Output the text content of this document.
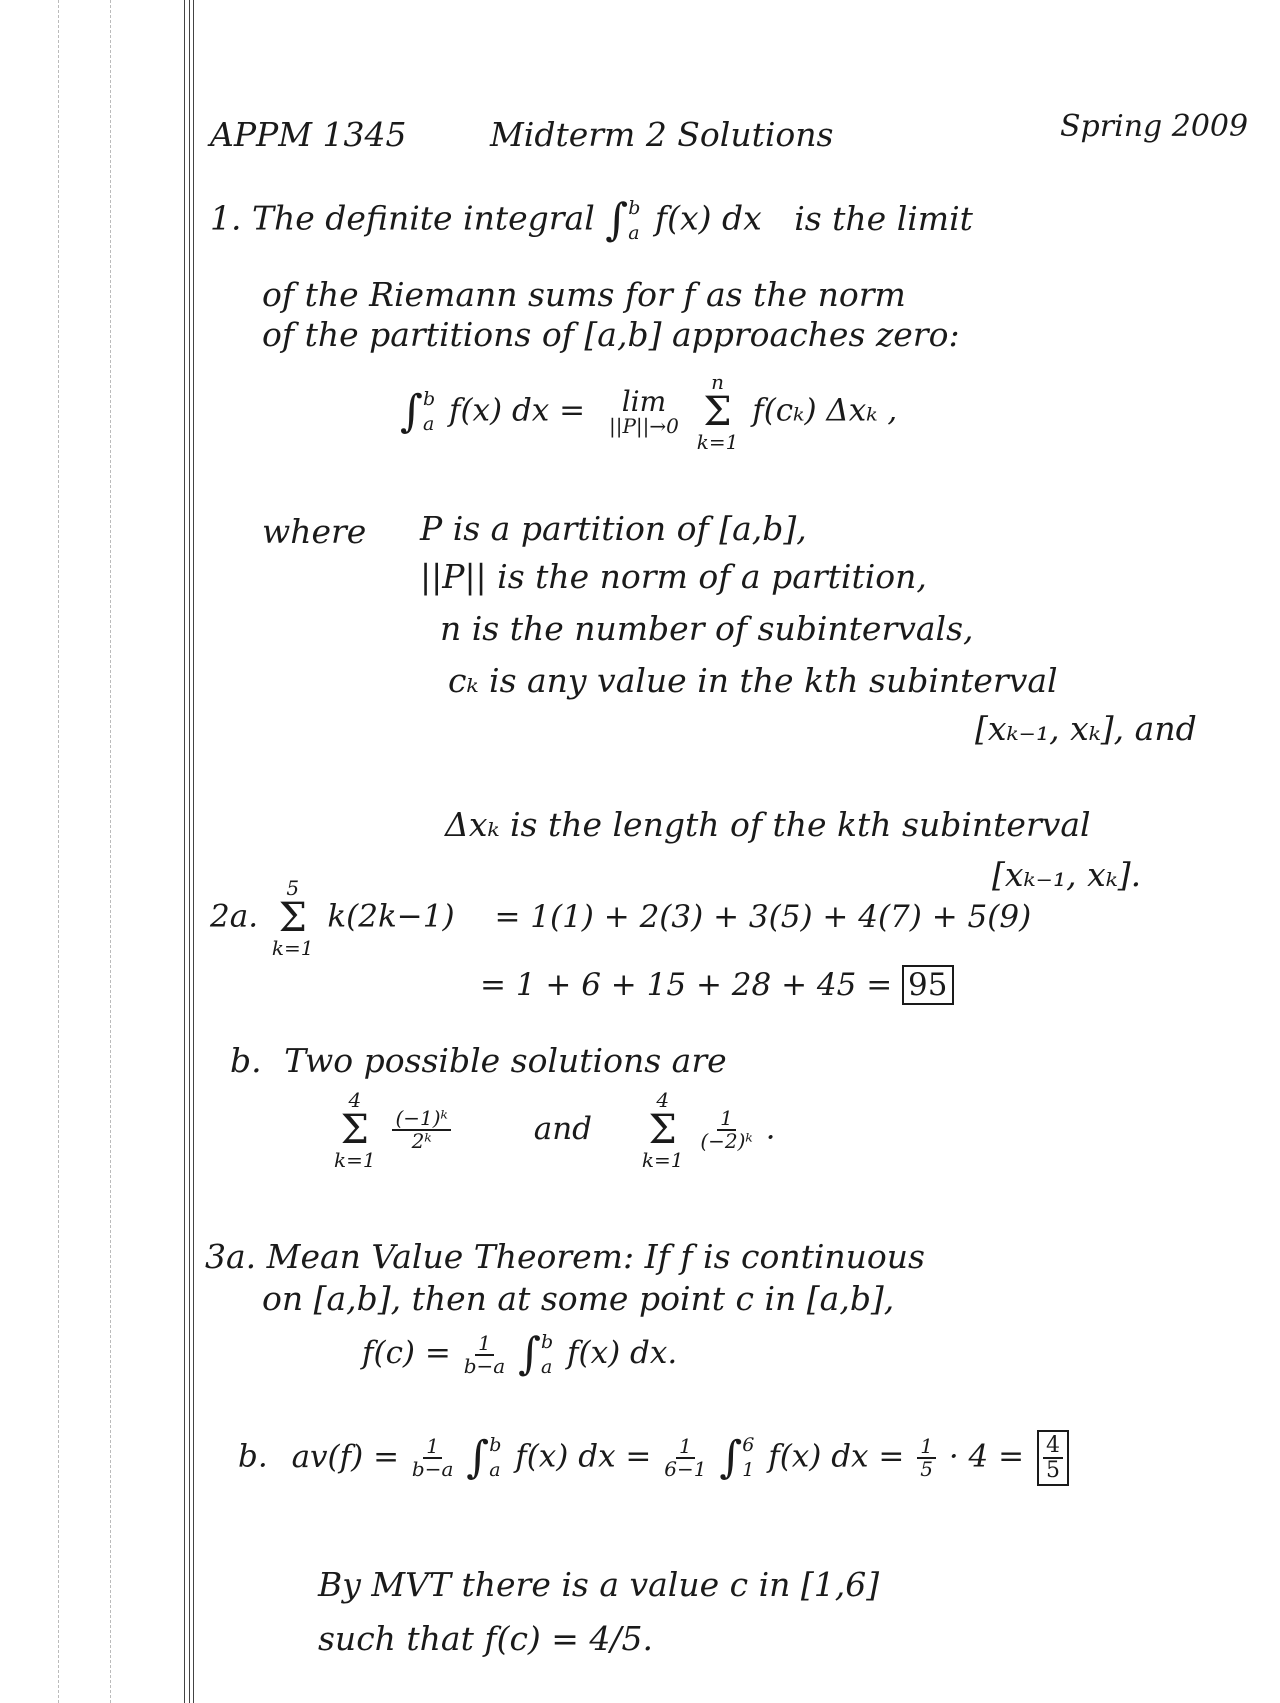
APPM 1345	Midterm 2 Solutions	Spring 2009
1. The definite integral ∫ b
a f(x) dx is the limit
of the Riemann sums for f as the norm
of the partitions of [a,b] approaches zero:
∫ b
a f(x) dx = lim
||P||→0

n
Σ
k=1
f(cₖ) Δxₖ ,
where P is a partition of [a,b],
||P|| is the norm of a partition,
n is the number of subintervals,
cₖ is any value in the kth subinterval
[xₖ₋₁, xₖ], and
Δxₖ is the length of the kth subinterval
[xₖ₋₁, xₖ].
2a.
5
Σ
k=1
k(2k−1) = 1(1) + 2(3) + 3(5) + 4(7) + 5(9)
= 1 + 6 + 15 + 28 + 45 = 95
b. Two possible solutions are
4
Σ
k=1

$\frac{\text{(−1)ᵏ}}{\text{2ᵏ}}$	and
4
Σ
k=1

$\frac{1}{\text{(−2)ᵏ}}$ .
3a. Mean Value Theorem: If f is continuous
on [a,b], then at some point c in [a,b],
$f(c) = \frac{1}{b-a}$ ∫ b
a f(x) dx.
b. $av(f) = \frac{1}{b-a}$ ∫ b
a f(x) dx = $\frac{1}{6-1}$ ∫ 6
1 f(x) dx = $\frac{1}{5} \cdot 4 = \frac{4}{5}$
By MVT there is a value c in [1,6]
such that f(c) = 4/5.
